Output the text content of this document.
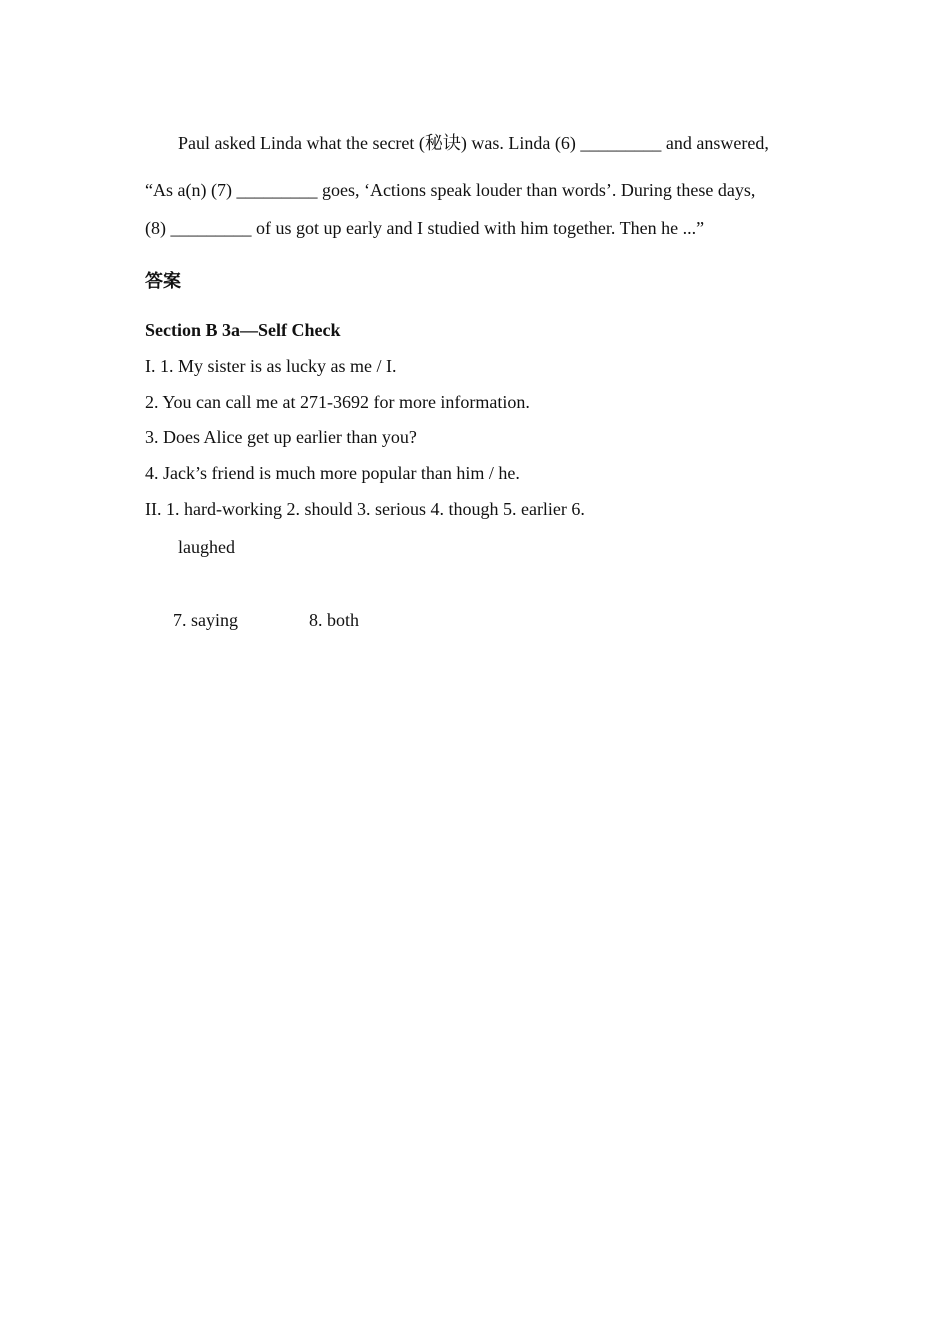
Paul asked Linda what the secret (秘诀) was. Linda (6) _________ and answered,
“As a(n) (7) _________ goes, ‘Actions speak louder than words’. During these days,
(8) _________ of us got up early and I studied with him together. Then he ...”
答案
Section B 3a—Self Check
I. 1. My sister is as lucky as me / I.
2. You can call me at 271-3692 for more information.
3. Does Alice get up earlier than you?
4. Jack’s friend is much more popular than him / he.
II. 1. hard-working 2. should 3. serious 4. though 5. earlier 6.
laughed
7. saying	8. both
